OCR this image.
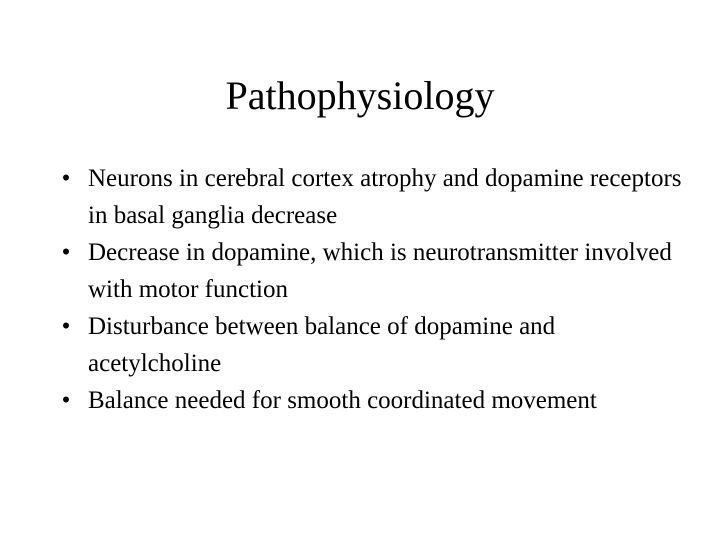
Pathophysiology
• Neurons in cerebral cortex atrophy and dopamine receptors in basal ganglia decrease
• Decrease in dopamine, which is neurotransmitter involved with motor function
• Disturbance between balance of dopamine and acetylcholine
• Balance needed for smooth coordinated movement
